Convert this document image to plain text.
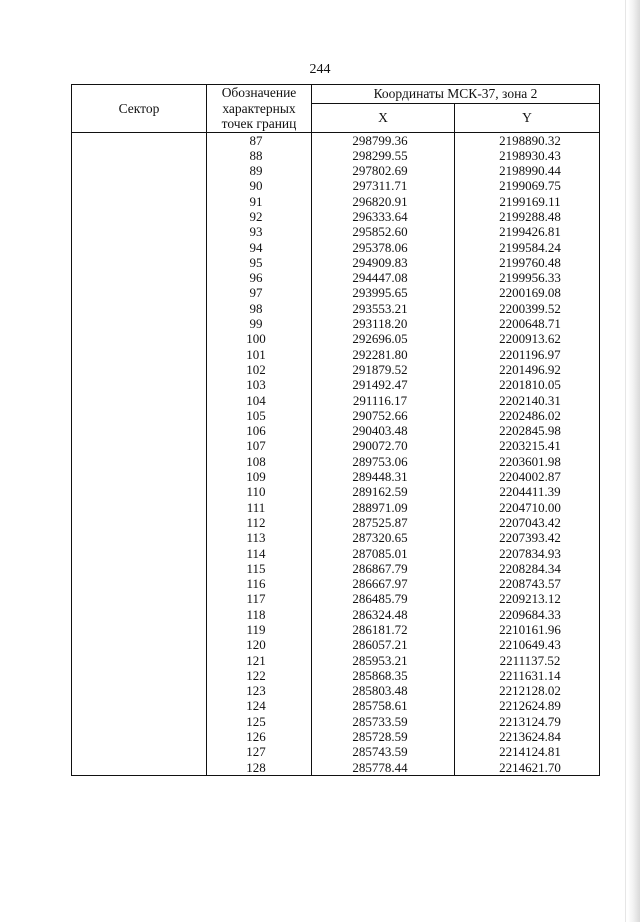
244
Сектор	Обозначение
характерных
точек границ	Координаты МСК-37, зона 2	
		X	Y
	87	298799.36	2198890.32
	88	298299.55	2198930.43
	89	297802.69	2198990.44
	90	297311.71	2199069.75
	91	296820.91	2199169.11
	92	296333.64	2199288.48
	93	295852.60	2199426.81
	94	295378.06	2199584.24
	95	294909.83	2199760.48
	96	294447.08	2199956.33
	97	293995.65	2200169.08
	98	293553.21	2200399.52
	99	293118.20	2200648.71
	100	292696.05	2200913.62
	101	292281.80	2201196.97
	102	291879.52	2201496.92
	103	291492.47	2201810.05
	104	291116.17	2202140.31
	105	290752.66	2202486.02
	106	290403.48	2202845.98
	107	290072.70	2203215.41
	108	289753.06	2203601.98
	109	289448.31	2204002.87
	110	289162.59	2204411.39
	111	288971.09	2204710.00
	112	287525.87	2207043.42
	113	287320.65	2207393.42
	114	287085.01	2207834.93
	115	286867.79	2208284.34
	116	286667.97	2208743.57
	117	286485.79	2209213.12
	118	286324.48	2209684.33
	119	286181.72	2210161.96
	120	286057.21	2210649.43
	121	285953.21	2211137.52
	122	285868.35	2211631.14
	123	285803.48	2212128.02
	124	285758.61	2212624.89
	125	285733.59	2213124.79
	126	285728.59	2213624.84
	127	285743.59	2214124.81
	128	285778.44	2214621.70
